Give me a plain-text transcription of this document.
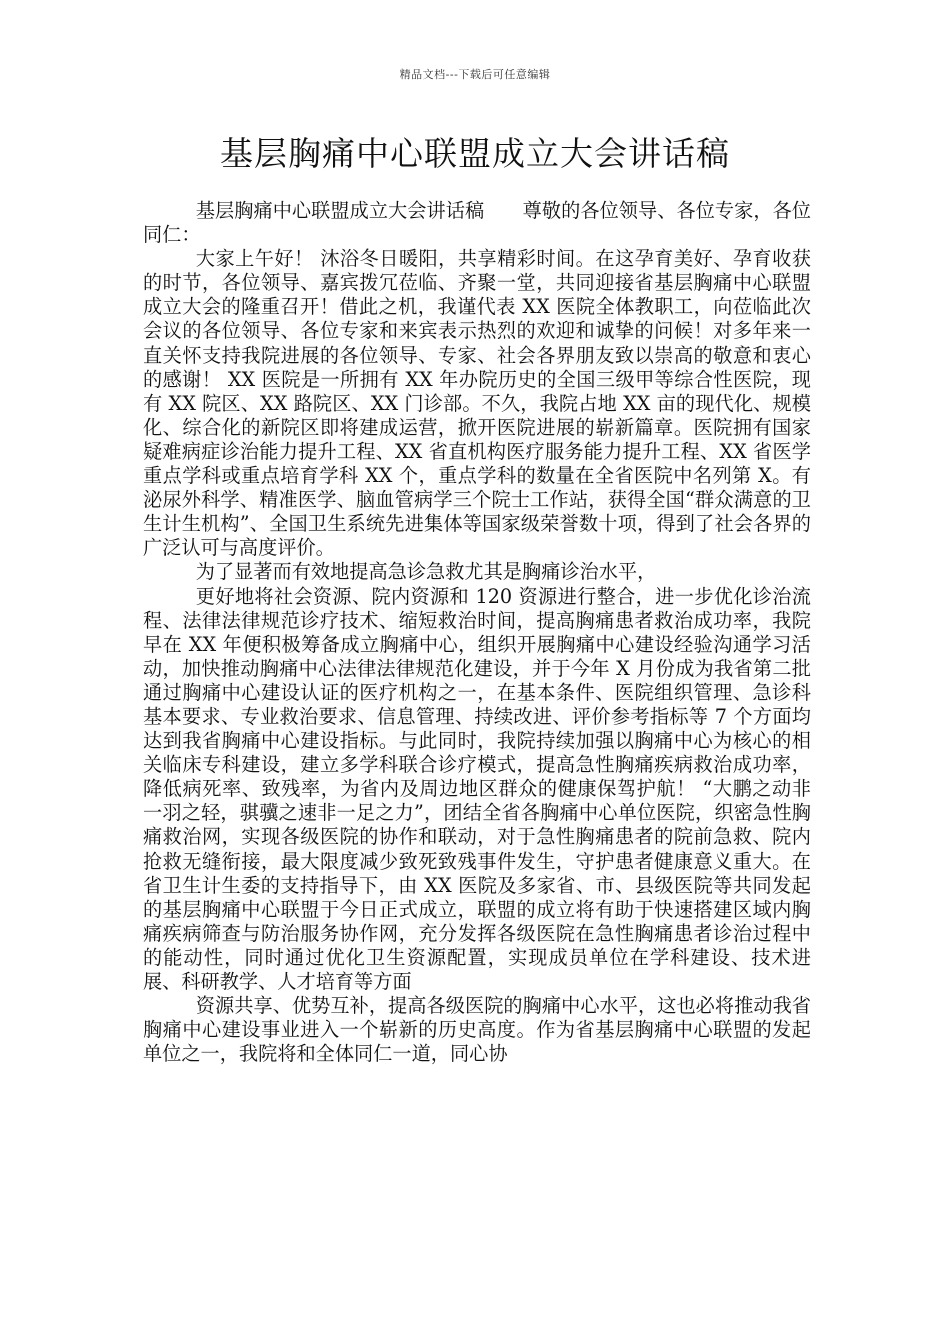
精品文档---下载后可任意编辑
基层胸痛中心联盟成立大会讲话稿

基层胸痛中心联盟成立大会讲话稿　　尊敬的各位领导、各位专家，各位同仁：

大家上午好！ 沐浴冬日暖阳，共享精彩时间。在这孕育美好、孕育收获的时节，各位领导、嘉宾拨冗莅临、齐聚一堂，共同迎接省基层胸痛中心联盟成立大会的隆重召开！借此之机，我谨代表 XX 医院全体教职工，向莅临此次会议的各位领导、各位专家和来宾表示热烈的欢迎和诚挚的问候！对多年来一直关怀支持我院进展的各位领导、专家、社会各界朋友致以崇高的敬意和衷心的感谢！ XX 医院是一所拥有 XX 年办院历史的全国三级甲等综合性医院，现有 XX 院区、XX 路院区、XX 门诊部。不久，我院占地 XX 亩的现代化、规模化、综合化的新院区即将建成运营，掀开医院进展的崭新篇章。医院拥有国家疑难病症诊治能力提升工程、XX 省直机构医疗服务能力提升工程、XX 省医学重点学科或重点培育学科 XX 个，重点学科的数量在全省医院中名列第 X。有泌尿外科学、精准医学、脑血管病学三个院士工作站，获得全国“群众满意的卫生计生机构”、全国卫生系统先进集体等国家级荣誉数十项，得到了社会各界的广泛认可与高度评价。

为了显著而有效地提高急诊急救尤其是胸痛诊治水平，

更好地将社会资源、院内资源和 120 资源进行整合，进一步优化诊治流程、法律法律规范诊疗技术、缩短救治时间，提高胸痛患者救治成功率，我院早在 XX 年便积极筹备成立胸痛中心，组织开展胸痛中心建设经验沟通学习活动，加快推动胸痛中心法律法律规范化建设，并于今年 X 月份成为我省第二批通过胸痛中心建设认证的医疗机构之一，在基本条件、医院组织管理、急诊科基本要求、专业救治要求、信息管理、持续改进、评价参考指标等 7 个方面均达到我省胸痛中心建设指标。与此同时，我院持续加强以胸痛中心为核心的相关临床专科建设，建立多学科联合诊疗模式，提高急性胸痛疾病救治成功率，降低病死率、致残率，为省内及周边地区群众的健康保驾护航！ “大鹏之动非一羽之轻，骐骥之速非一足之力”，团结全省各胸痛中心单位医院，织密急性胸痛救治网，实现各级医院的协作和联动，对于急性胸痛患者的院前急救、院内抢救无缝衔接，最大限度减少致死致残事件发生，守护患者健康意义重大。在省卫生计生委的支持指导下，由 XX 医院及多家省、市、县级医院等共同发起的基层胸痛中心联盟于今日正式成立，联盟的成立将有助于快速搭建区域内胸痛疾病筛查与防治服务协作网，充分发挥各级医院在急性胸痛患者诊治过程中的能动性，同时通过优化卫生资源配置，实现成员单位在学科建设、技术进展、科研教学、人才培育等方面

资源共享、优势互补，提高各级医院的胸痛中心水平，这也必将推动我省胸痛中心建设事业进入一个崭新的历史高度。作为省基层胸痛中心联盟的发起单位之一，我院将和全体同仁一道，同心协
